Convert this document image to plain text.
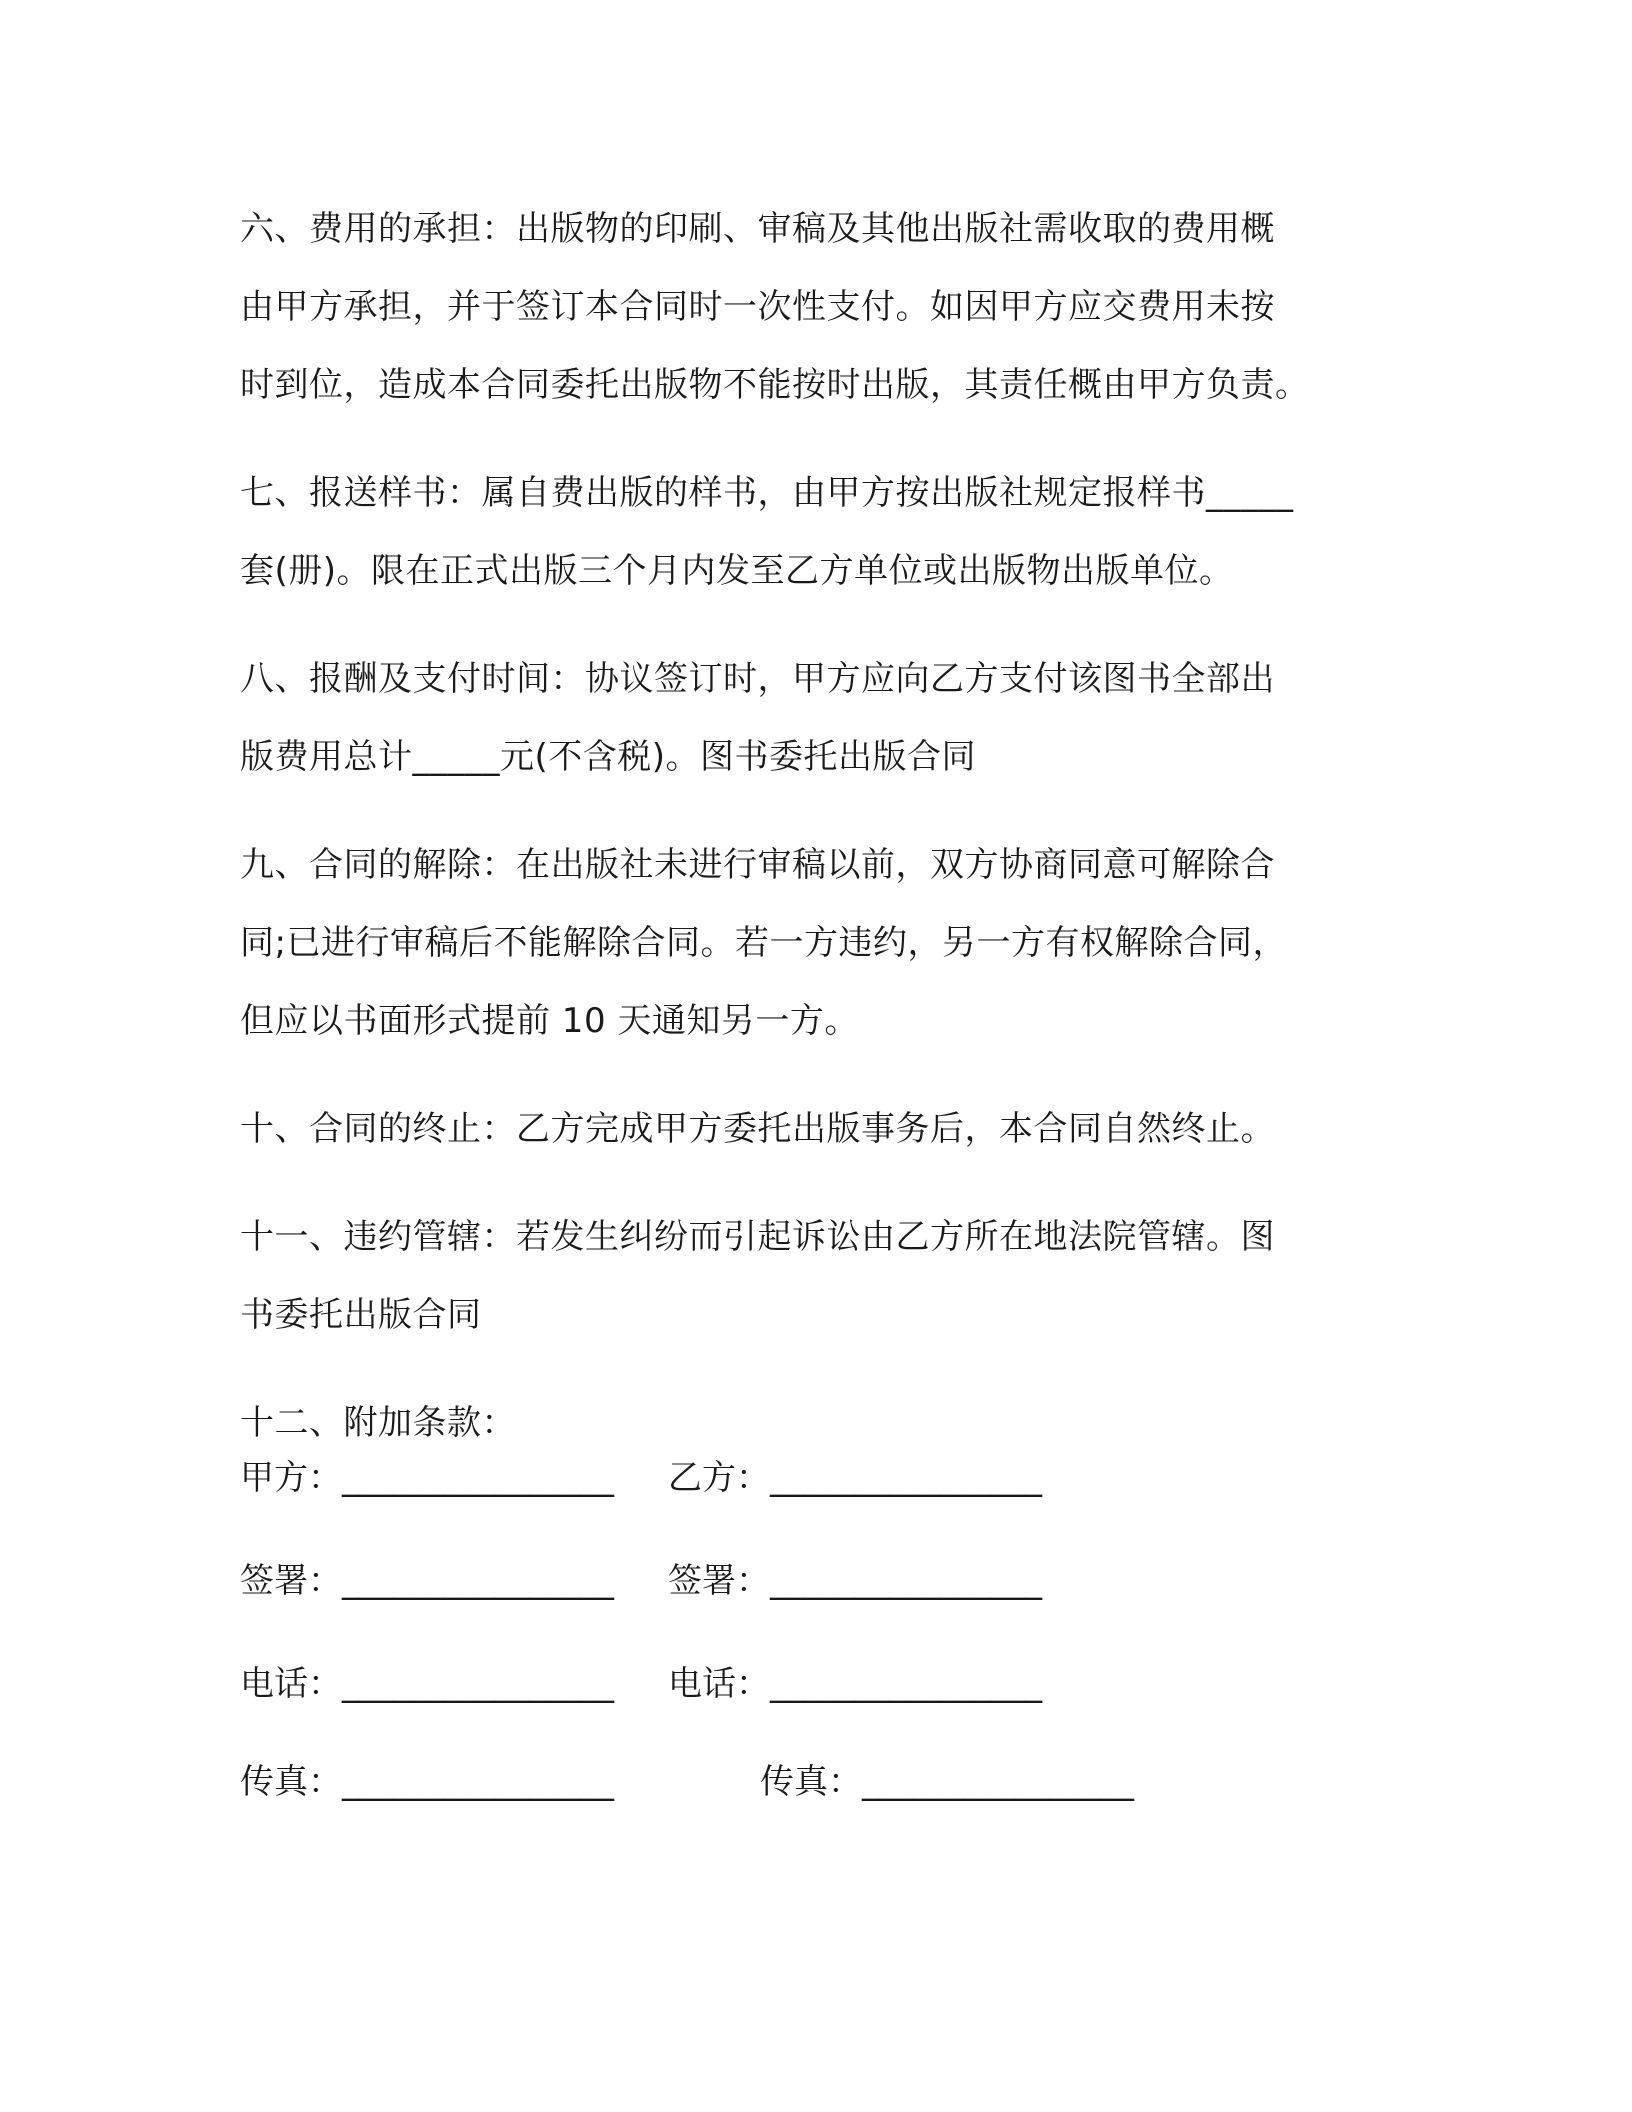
六、费用的承担：出版物的印刷、审稿及其他出版社需收取的费用概
由甲方承担，并于签订本合同时一次性支付。如因甲方应交费用未按
时到位，造成本合同委托出版物不能按时出版，其责任概由甲方负责。

七、报送样书：属自费出版的样书，由甲方按出版社规定报样书_____
套(册)。限在正式出版三个月内发至乙方单位或出版物出版单位。

八、报酬及支付时间：协议签订时，甲方应向乙方支付该图书全部出
版费用总计_____元(不含税)。图书委托出版合同

九、合同的解除：在出版社未进行审稿以前，双方协商同意可解除合
同;已进行审稿后不能解除合同。若一方违约，另一方有权解除合同，
但应以书面形式提前 10 天通知另一方。

十、合同的终止：乙方完成甲方委托出版事务后，本合同自然终止。

十一、违约管辖：若发生纠纷而引起诉讼由乙方所在地法院管辖。图
书委托出版合同

十二、附加条款：

甲方：________________ 乙方：________________
签署：________________ 签署：________________
电话：________________ 电话：________________
传真：________________	传真：________________
